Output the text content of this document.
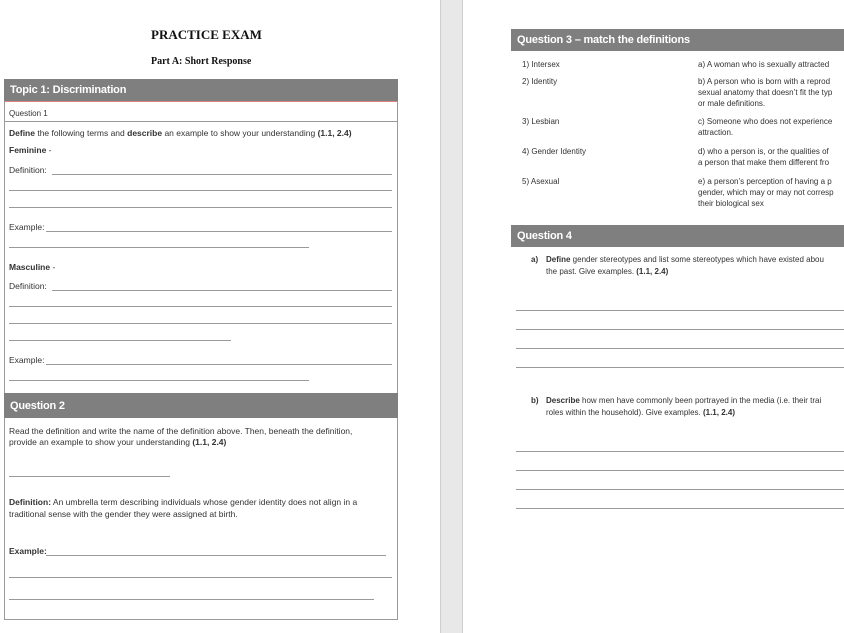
PRACTICE EXAM
Part A: Short Response
Topic 1: Discrimination
Question 1
Define the following terms and describe an example to show your understanding (1.1, 2.4)
Feminine -
Definition:
Example:
Masculine -
Definition:
Example:
Question 2
Read the definition and write the name of the definition above. Then, beneath the definition,
provide an example to show your understanding (1.1, 2.4)
Definition: An umbrella term describing individuals whose gender identity does not align in a
traditional sense with the gender they were assigned at birth.
Example:
Question 3 – match the definitions
1) Intersex
2) Identity
3) Lesbian
4) Gender Identity
5) Asexual
a) A woman who is sexually attracted
b) A person who is born with a reprod
sexual anatomy that doesn’t fit the typ
or male definitions.
c) Someone who does not experience
attraction.
d) who a person is, or the qualities of
a person that make them different fro
e) a person’s perception of having a p
gender, which may or may not corresp
their biological sex
Question 4
a) Define gender stereotypes and list some stereotypes which have existed abou
the past. Give examples. (1.1, 2.4)
b) Describe how men have commonly been portrayed in the media (i.e. their trai
roles within the household). Give examples. (1.1, 2.4)
